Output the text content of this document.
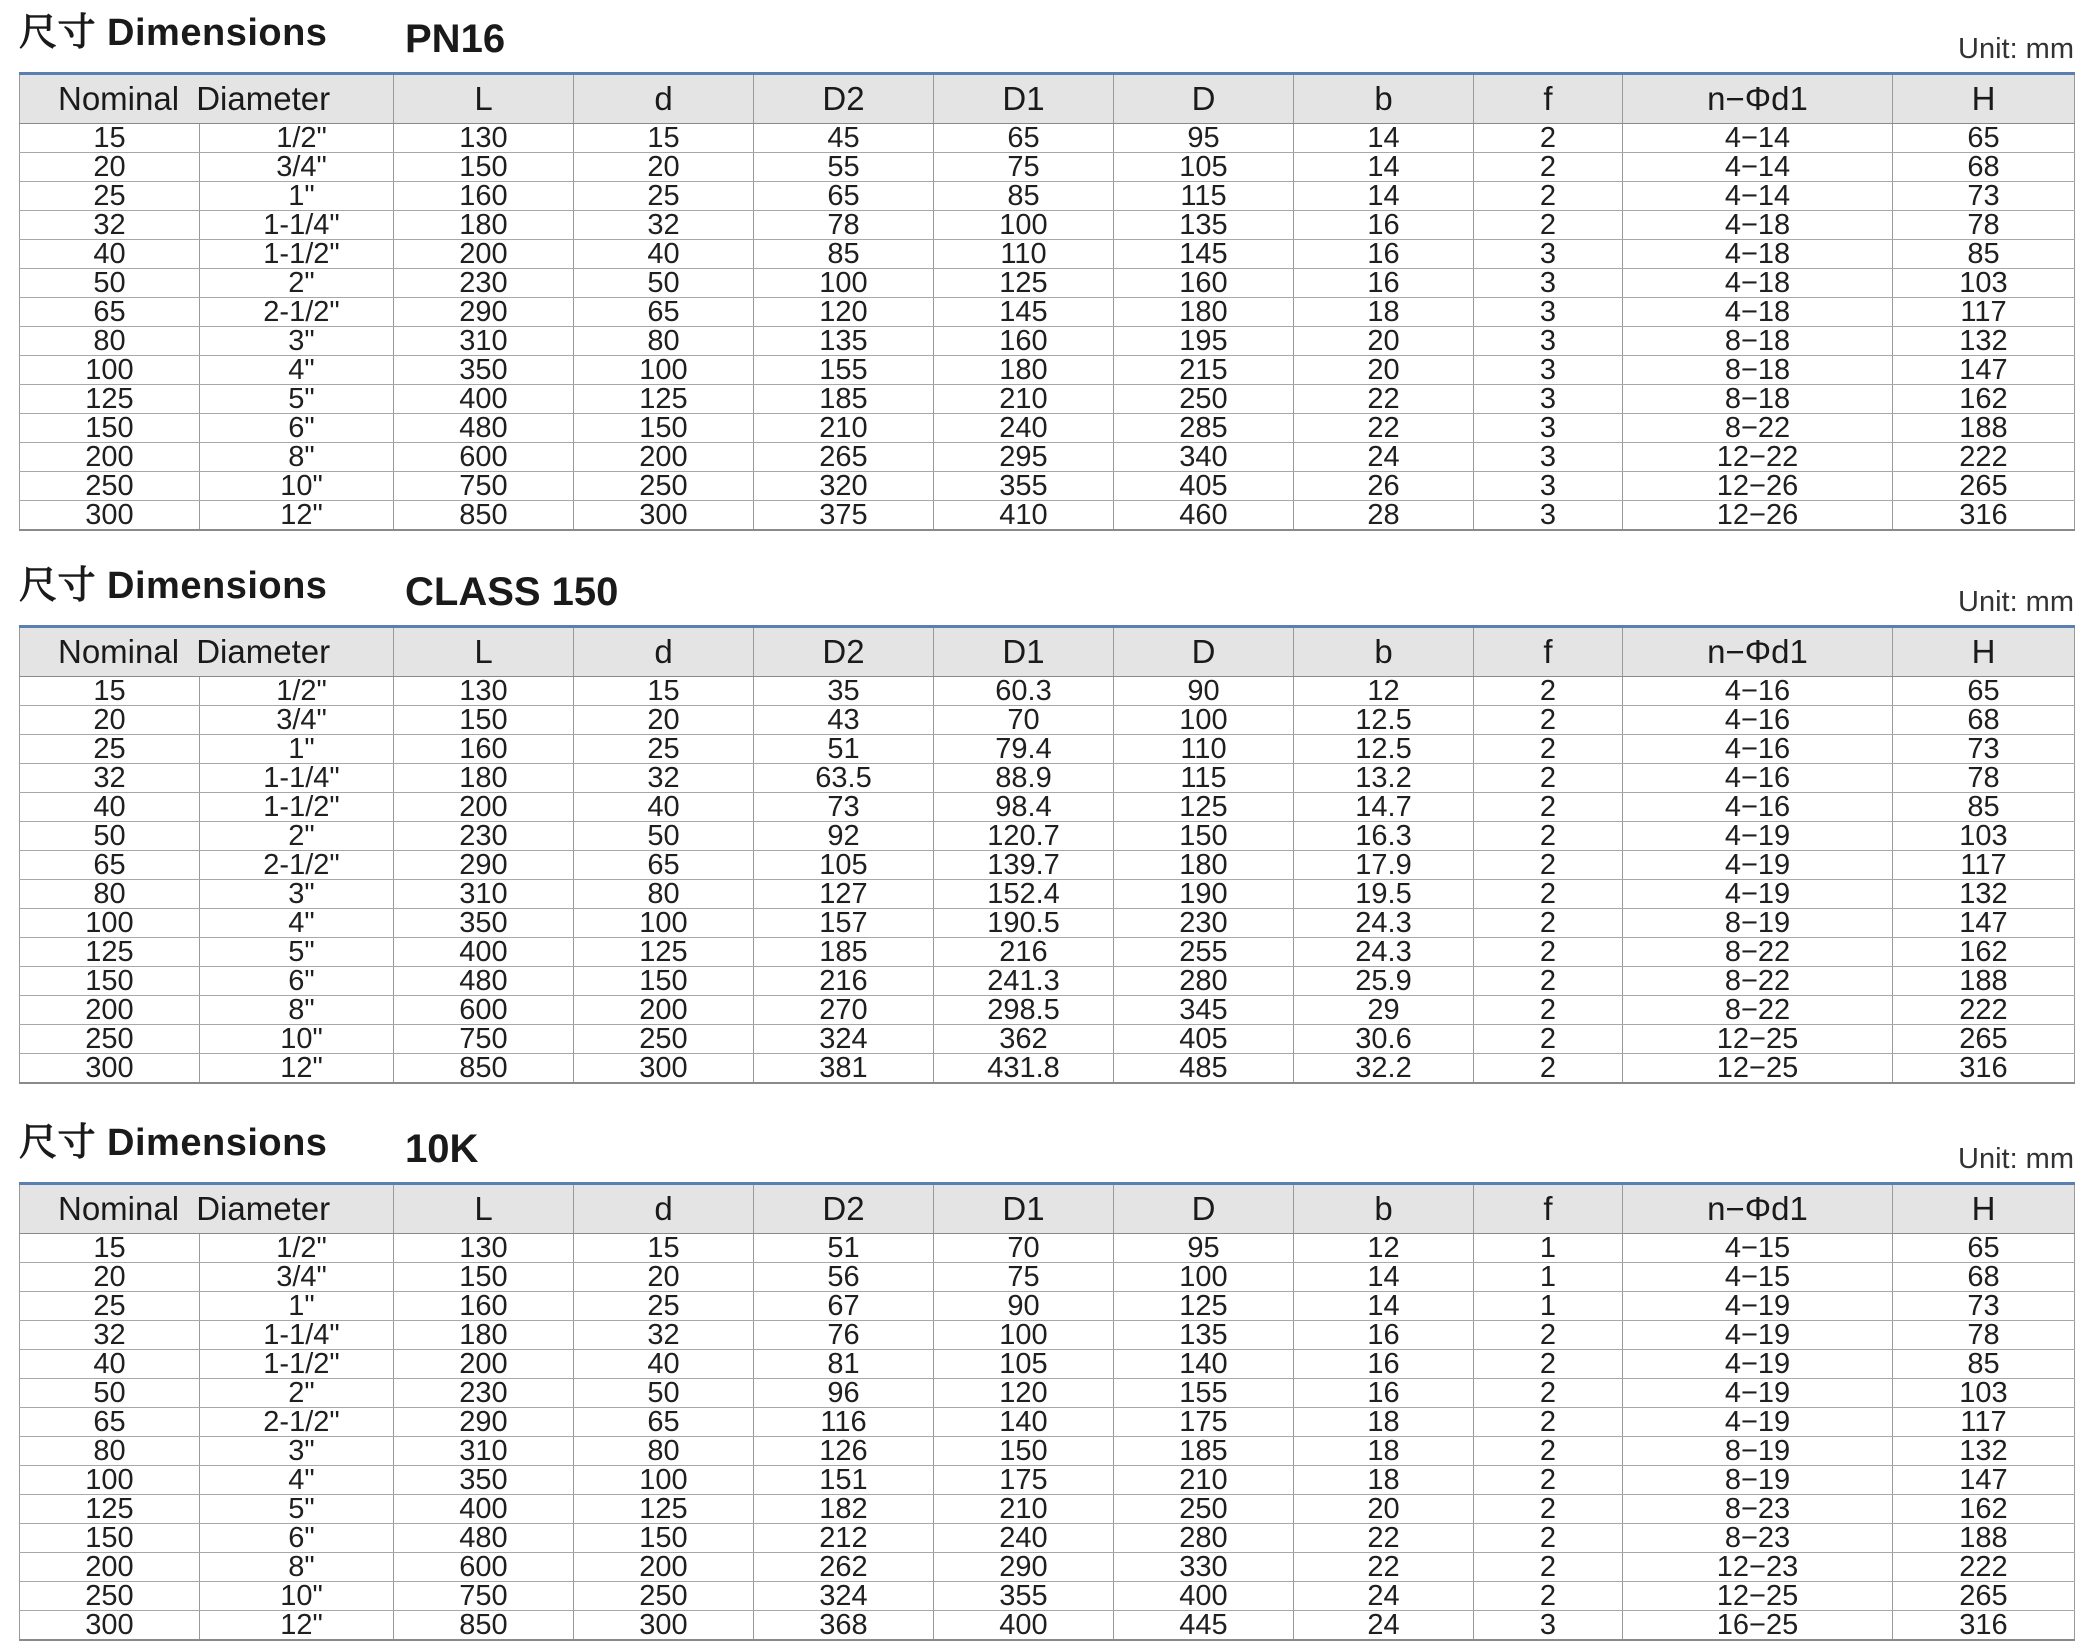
尺寸 Dimensions PN16	Unit: mm
Nominal Diameter		L	d	D2	D1	D	b	f	n−Φd1	H
15	1/2"	130	15	45	65	95	14	2	4−14	65
20	3/4"	150	20	55	75	105	14	2	4−14	68
25	1"	160	25	65	85	115	14	2	4−14	73
32	1-1/4"	180	32	78	100	135	16	2	4−18	78
40	1-1/2"	200	40	85	110	145	16	3	4−18	85
50	2"	230	50	100	125	160	16	3	4−18	103
65	2-1/2"	290	65	120	145	180	18	3	4−18	117
80	3"	310	80	135	160	195	20	3	8−18	132
100	4"	350	100	155	180	215	20	3	8−18	147
125	5"	400	125	185	210	250	22	3	8−18	162
150	6"	480	150	210	240	285	22	3	8−22	188
200	8"	600	200	265	295	340	24	3	12−22	222
250	10"	750	250	320	355	405	26	3	12−26	265
300	12"	850	300	375	410	460	28	3	12−26	316
尺寸 Dimensions CLASS 150	Unit: mm
Nominal Diameter		L	d	D2	D1	D	b	f	n−Φd1	H
15	1/2"	130	15	35	60.3	90	12	2	4−16	65
20	3/4"	150	20	43	70	100	12.5	2	4−16	68
25	1"	160	25	51	79.4	110	12.5	2	4−16	73
32	1-1/4"	180	32	63.5	88.9	115	13.2	2	4−16	78
40	1-1/2"	200	40	73	98.4	125	14.7	2	4−16	85
50	2"	230	50	92	120.7	150	16.3	2	4−19	103
65	2-1/2"	290	65	105	139.7	180	17.9	2	4−19	117
80	3"	310	80	127	152.4	190	19.5	2	4−19	132
100	4"	350	100	157	190.5	230	24.3	2	8−19	147
125	5"	400	125	185	216	255	24.3	2	8−22	162
150	6"	480	150	216	241.3	280	25.9	2	8−22	188
200	8"	600	200	270	298.5	345	29	2	8−22	222
250	10"	750	250	324	362	405	30.6	2	12−25	265
300	12"	850	300	381	431.8	485	32.2	2	12−25	316
尺寸 Dimensions 10K	Unit: mm
Nominal Diameter		L	d	D2	D1	D	b	f	n−Φd1	H
15	1/2"	130	15	51	70	95	12	1	4−15	65
20	3/4"	150	20	56	75	100	14	1	4−15	68
25	1"	160	25	67	90	125	14	1	4−19	73
32	1-1/4"	180	32	76	100	135	16	2	4−19	78
40	1-1/2"	200	40	81	105	140	16	2	4−19	85
50	2"	230	50	96	120	155	16	2	4−19	103
65	2-1/2"	290	65	116	140	175	18	2	4−19	117
80	3"	310	80	126	150	185	18	2	8−19	132
100	4"	350	100	151	175	210	18	2	8−19	147
125	5"	400	125	182	210	250	20	2	8−23	162
150	6"	480	150	212	240	280	22	2	8−23	188
200	8"	600	200	262	290	330	22	2	12−23	222
250	10"	750	250	324	355	400	24	2	12−25	265
300	12"	850	300	368	400	445	24	3	16−25	316
